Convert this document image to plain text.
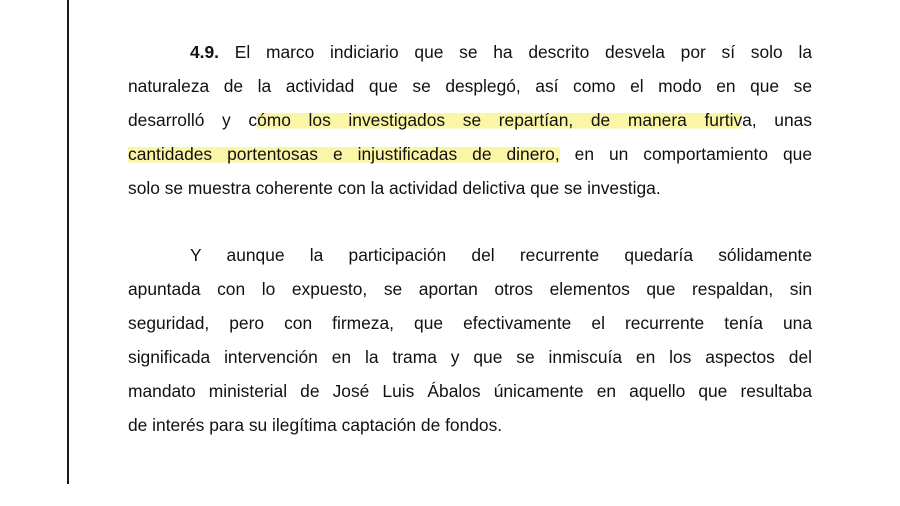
4.9. El marco indiciario que se ha descrito desvela por sí solo la
naturaleza de la actividad que se desplegó, así como el modo en que se
desarrolló y cómo los investigados se repartían, de manera furtiva, unas
cantidades portentosas e injustificadas de dinero, en un comportamiento que
solo se muestra coherente con la actividad delictiva que se investiga.
Y aunque la participación del recurrente quedaría sólidamente
apuntada con lo expuesto, se aportan otros elementos que respaldan, sin
seguridad, pero con firmeza, que efectivamente el recurrente tenía una
significada intervención en la trama y que se inmiscuía en los aspectos del
mandato ministerial de José Luis Ábalos únicamente en aquello que resultaba
de interés para su ilegítima captación de fondos.
